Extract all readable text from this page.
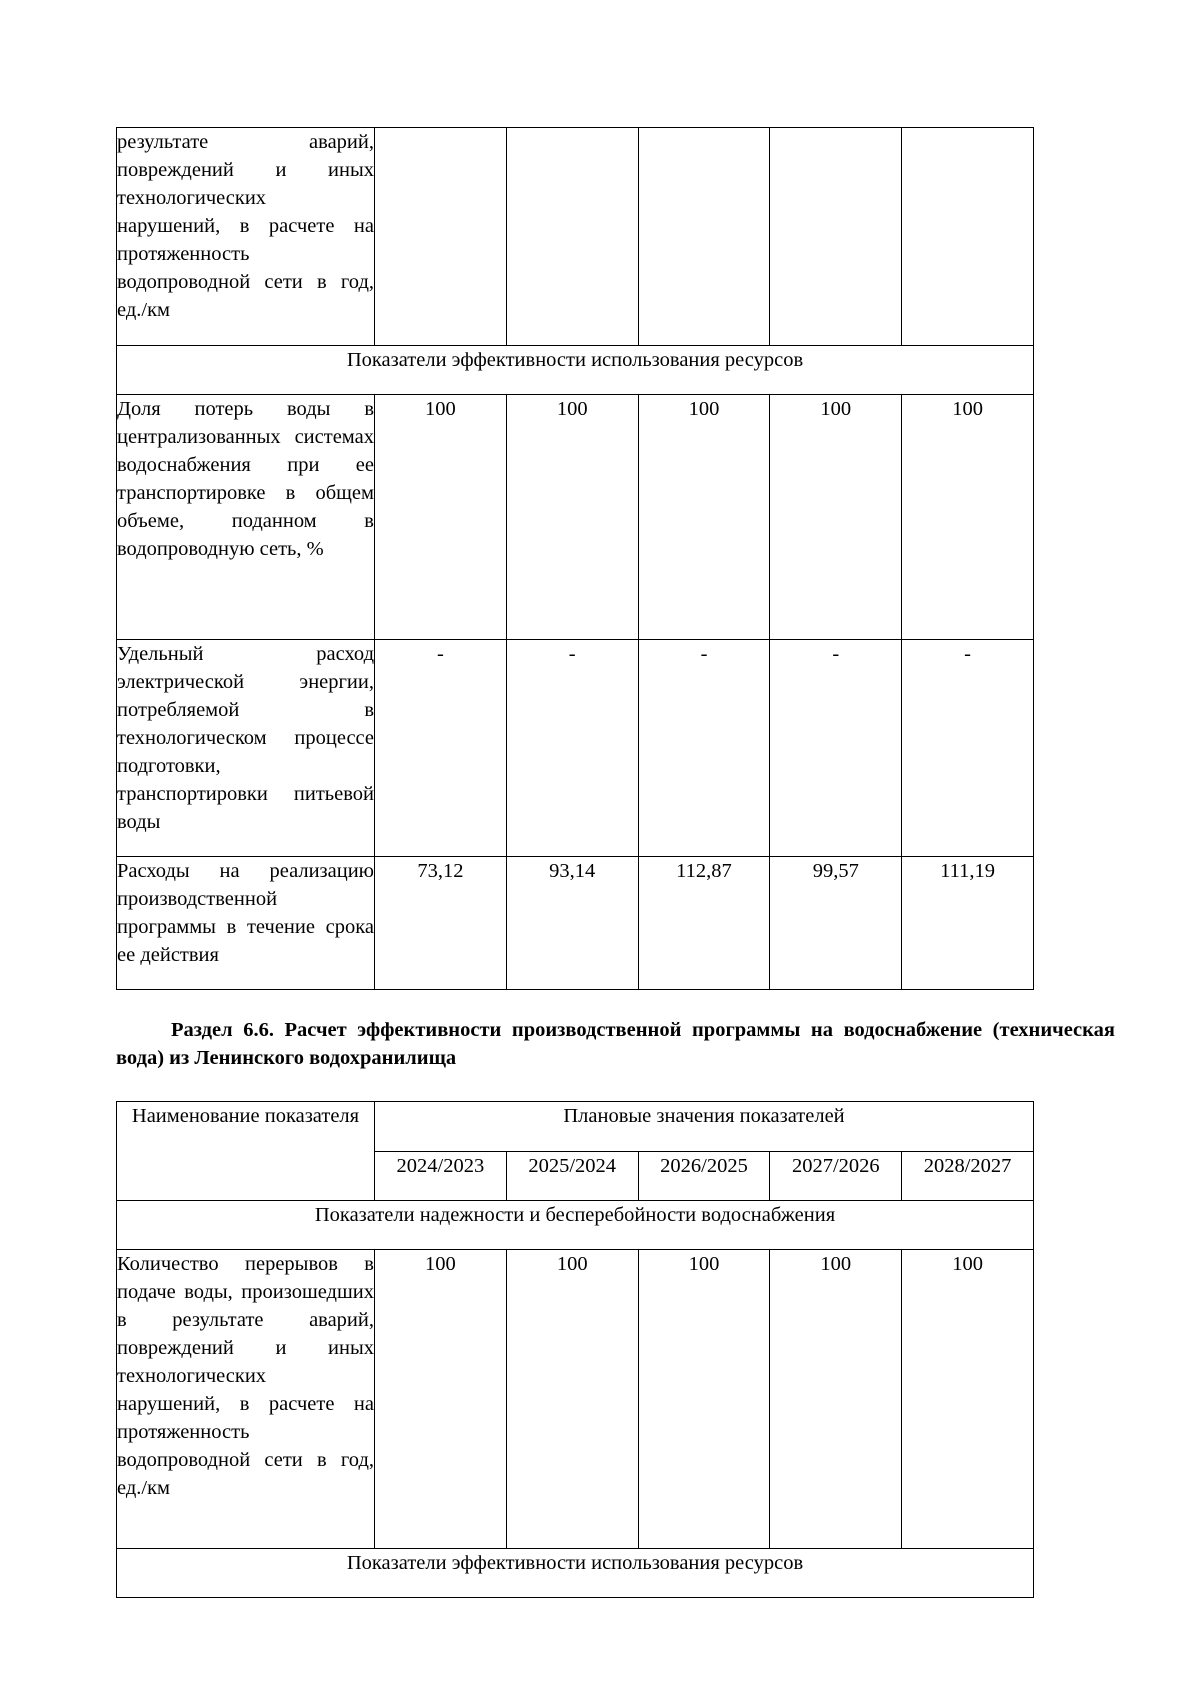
результате аварий, повреждений и иных технологических нарушений, в расчете на протяженность водопроводной сети в год, ед./км					
Показатели эффективности использования ресурсов					
Доля потерь воды в централизованных системах водоснабжения при ее транспортировке в общем объеме, поданном в водопроводную сеть, %	100	100	100	100	100
Удельный расход электрической энергии, потребляемой в технологическом процессе подготовки, транспортировки питьевой воды	-	-	-	-	-
Расходы на реализацию производственной программы в течение срока ее действия	73,12	93,14	112,87	99,57	111,19
Раздел 6.6. Расчет эффективности производственной программы на водоснабжение (техническая вода) из Ленинского водохранилища
Наименование показателя	Плановые значения показателей				
	2024/2023	2025/2024	2026/2025	2027/2026	2028/2027
Показатели надежности и бесперебойности водоснабжения					
Количество перерывов в подаче воды, произошедших в результате аварий, повреждений и иных технологических нарушений, в расчете на протяженность водопроводной сети в год, ед./км	100	100	100	100	100
Показатели эффективности использования ресурсов					
